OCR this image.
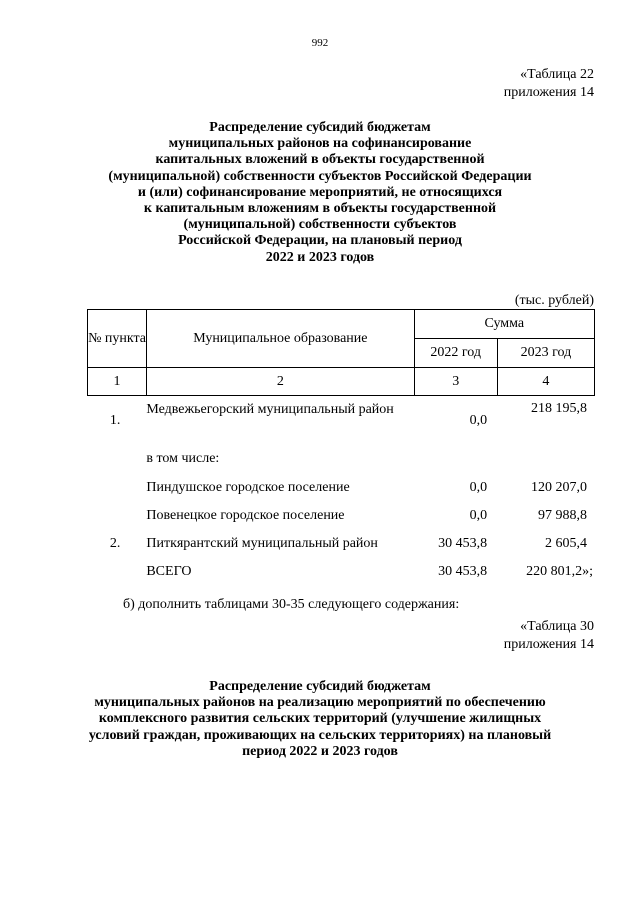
992
«Таблица 22
приложения 14
Распределение субсидий бюджетам
муниципальных районов на софинансирование
капитальных вложений в объекты государственной
(муниципальной) собственности субъектов Российской Федерации
и (или) софинансирование мероприятий, не относящихся
к капитальным вложениям в объекты государственной
(муниципальной) собственности субъектов
Российской Федерации, на плановый период
2022 и 2023 годов
(тыс. рублей)
№ пункта	Муниципальное образование	Сумма	
		2022 год	2023 год
1	2	3	4
1.	Медвежьегорский муниципальный район	0,0	218 195,8
	в том числе:		
	Пиндушское городское поселение	0,0	120 207,0
	Повенецкое городское поселение	0,0	97 988,8
2.	Питкярантский муниципальный район	30 453,8	2 605,4
	ВСЕГО	30 453,8	220 801,2»;
б) дополнить таблицами 30-35 следующего содержания:
«Таблица 30
приложения 14
Распределение субсидий бюджетам
муниципальных районов на реализацию мероприятий по обеспечению
комплексного развития сельских территорий (улучшение жилищных
условий граждан, проживающих на сельских территориях) на плановый
период 2022 и 2023 годов
